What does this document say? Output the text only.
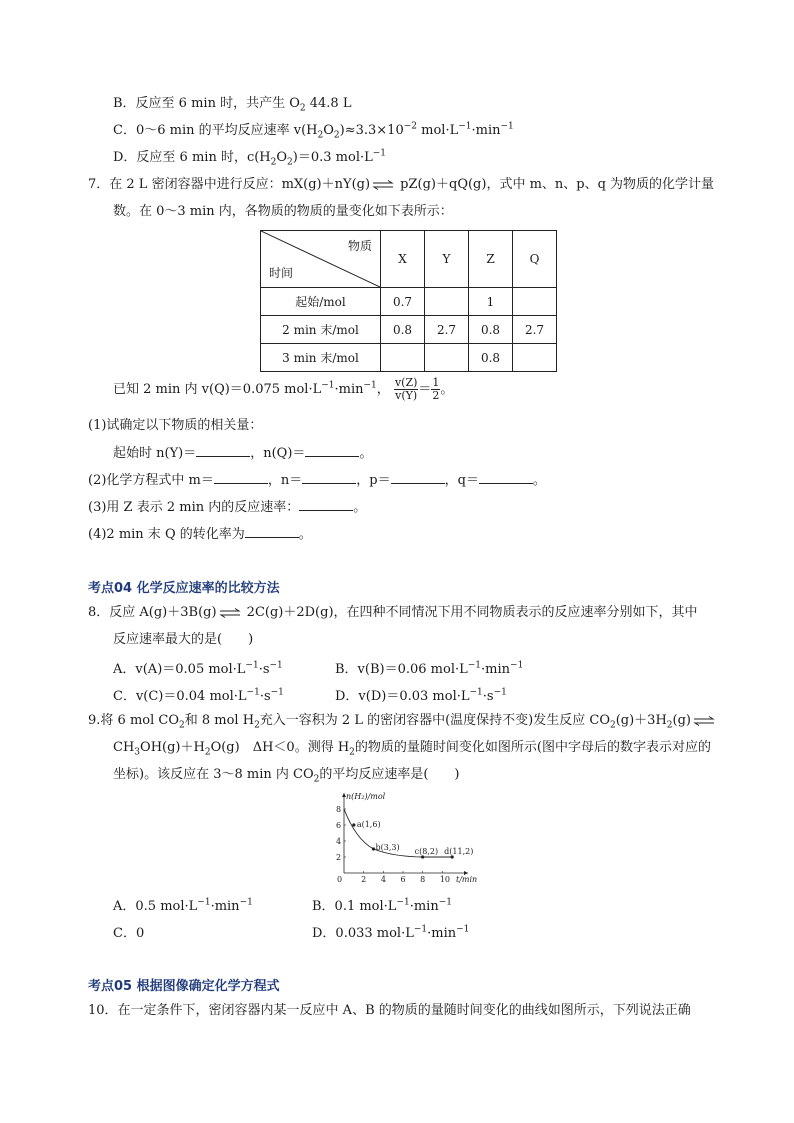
B．反应至 6 min 时，共产生 $O_2$ 44.8 L
C．0～6 min 的平均反应速率 $v(H_2O_2)\approx 3.3\times 10^{-2}$ $mol\cdot L^{-1}\cdot\min^{-1}$
D．反应至 6 min 时，$c(H_2O_2)=0.3$ $mol\cdot L^{-1}$
7．在 2 L 密闭容器中进行反应：mX(g)＋nY(g) ⇌ pZ(g)＋qQ(g)，式中 m、n、p、q 为物质的化学计量
数。在 0～3 min 内，各物质的物质的量变化如下表所示：
物质
时间	X	Y	Z	Q
起始/mol	0.7		1	
2 min 末/mol	0.8	2.7	0.8	2.7
3 min 末/mol			0.8	
已知 2 min 内 v(Q)＝0.075 $mol\cdot L^{-1}\cdot\min^{-1}$， $\frac{v(Z)}{v(Y)} = \frac{1}{2}$ 。
(1)试确定以下物质的相关量：
起始时 n(Y)＝	，n(Q)＝	。
(2)化学方程式中 m＝	，n＝	，p＝	，q＝	。
(3)用 Z 表示 2 min 内的反应速率：	。
(4)2 min 末 Q 的转化率为	。
考点04 化学反应速率的比较方法
8．反应 A(g)＋3B(g) ⇌ 2C(g)＋2D(g)，在四种不同情况下用不同物质表示的反应速率分别如下，其中
反应速率最大的是(　　)
A．v(A)＝0.05 $mol\cdot L^{-1}\cdot s^{-1}$	B．v(B)＝0.06 $mol\cdot L^{-1}\cdot\min^{-1}$
C．v(C)＝0.04 $mol\cdot L^{-1}\cdot s^{-1}$	D．v(D)＝0.03 $mol\cdot L^{-1}\cdot s^{-1}$
9.将 6 mol $CO_2$和 8 mol $H_2$充入一容积为 2 L 的密闭容器中(温度保持不变)发生反应 $CO_2(g)+3H_2(g)$ ⇌
$CH_3OH(g)+H_2O(g)$　ΔH＜0。测得 $H_2$的物质的量随时间变化如图所示(图中字母后的数字表示对应的
坐标)。该反应在 3～8 min 内 $CO_2$的平均反应速率是(　　)
0 2 4 6 8 10
2
4
6
8
n(H₂)/mol
t/min
a(1,6)
b(3,3) c(8,2) d(11,2)
A．0.5 $mol\cdot L^{-1}\cdot\min^{-1}$	B．0.1 $mol\cdot L^{-1}\cdot\min^{-1}$
C．0	D．0.033 $mol\cdot L^{-1}\cdot\min^{-1}$
考点05 根据图像确定化学方程式
10．在一定条件下，密闭容器内某一反应中 A、B 的物质的量随时间变化的曲线如图所示，下列说法正确
